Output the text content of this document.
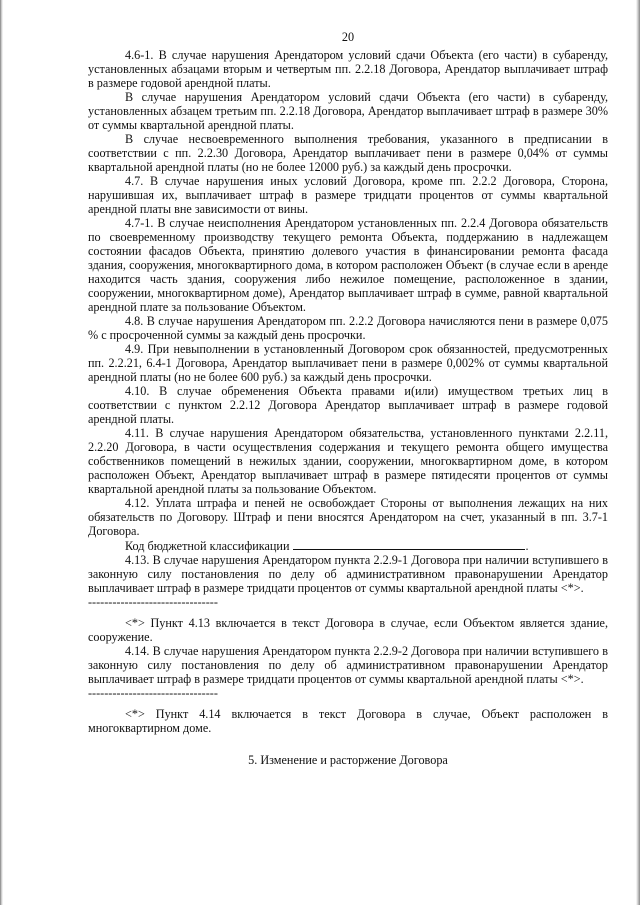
20

4.6-1. В случае нарушения Арендатором условий сдачи Объекта (его части) в субаренду, установленных абзацами вторым и четвертым пп. 2.2.18 Договора, Арендатор выплачивает штраф в размере годовой арендной платы.

В случае нарушения Арендатором условий сдачи Объекта (его части) в субаренду, установленных абзацем третьим пп. 2.2.18 Договора, Арендатор выплачивает штраф в размере 30% от суммы квартальной арендной платы.

В случае несвоевременного выполнения требования, указанного в предписании в соответствии с пп. 2.2.30 Договора, Арендатор выплачивает пени в размере 0,04% от суммы квартальной арендной платы (но не более 12000 руб.) за каждый день просрочки.

4.7. В случае нарушения иных условий Договора, кроме пп. 2.2.2 Договора, Сторона, нарушившая их, выплачивает штраф в размере тридцати процентов от суммы квартальной арендной платы вне зависимости от вины.

4.7-1. В случае неисполнения Арендатором установленных пп. 2.2.4 Договора обязательств по своевременному производству текущего ремонта Объекта, поддержанию в надлежащем состоянии фасадов Объекта, принятию долевого участия в финансировании ремонта фасада здания, сооружения, многоквартирного дома, в котором расположен Объект (в случае если в аренде находится часть здания, сооружения либо нежилое помещение, расположенное в здании, сооружении, многоквартирном доме), Арендатор выплачивает штраф в сумме, равной квартальной арендной плате за пользование Объектом.

4.8. В случае нарушения Арендатором пп. 2.2.2 Договора начисляются пени в размере 0,075 % с просроченной суммы за каждый день просрочки.

4.9. При невыполнении в установленный Договором срок обязанностей, предусмотренных пп. 2.2.21, 6.4-1 Договора, Арендатор выплачивает пени в размере 0,002% от суммы квартальной арендной платы (но не более 600 руб.) за каждый день просрочки.

4.10. В случае обременения Объекта правами и(или) имуществом третьих лиц в соответствии с пунктом 2.2.12 Договора Арендатор выплачивает штраф в размере годовой арендной платы.

4.11. В случае нарушения Арендатором обязательства, установленного пунктами 2.2.11, 2.2.20 Договора, в части осуществления содержания и текущего ремонта общего имущества собственников помещений в нежилых здании, сооружении, многоквартирном доме, в котором расположен Объект, Арендатор выплачивает штраф в размере пятидесяти процентов от суммы квартальной арендной платы за пользование Объектом.

4.12. Уплата штрафа и пеней не освобождает Стороны от выполнения лежащих на них обязательств по Договору. Штраф и пени вносятся Арендатором на счет, указанный в пп. 3.7-1 Договора.

Код бюджетной классификации	.

4.13. В случае нарушения Арендатором пункта 2.2.9-1 Договора при наличии вступившего в законную силу постановления по делу об административном правонарушении Арендатор выплачивает штраф в размере тридцати процентов от суммы квартальной арендной платы <*>.

--------------------------------

<*> Пункт 4.13 включается в текст Договора в случае, если Объектом является здание, сооружение.

4.14. В случае нарушения Арендатором пункта 2.2.9-2 Договора при наличии вступившего в законную силу постановления по делу об административном правонарушении Арендатор выплачивает штраф в размере тридцати процентов от суммы квартальной арендной платы <*>.

--------------------------------

<*> Пункт 4.14 включается в текст Договора в случае, Объект расположен в многоквартирном доме.

5. Изменение и расторжение Договора
